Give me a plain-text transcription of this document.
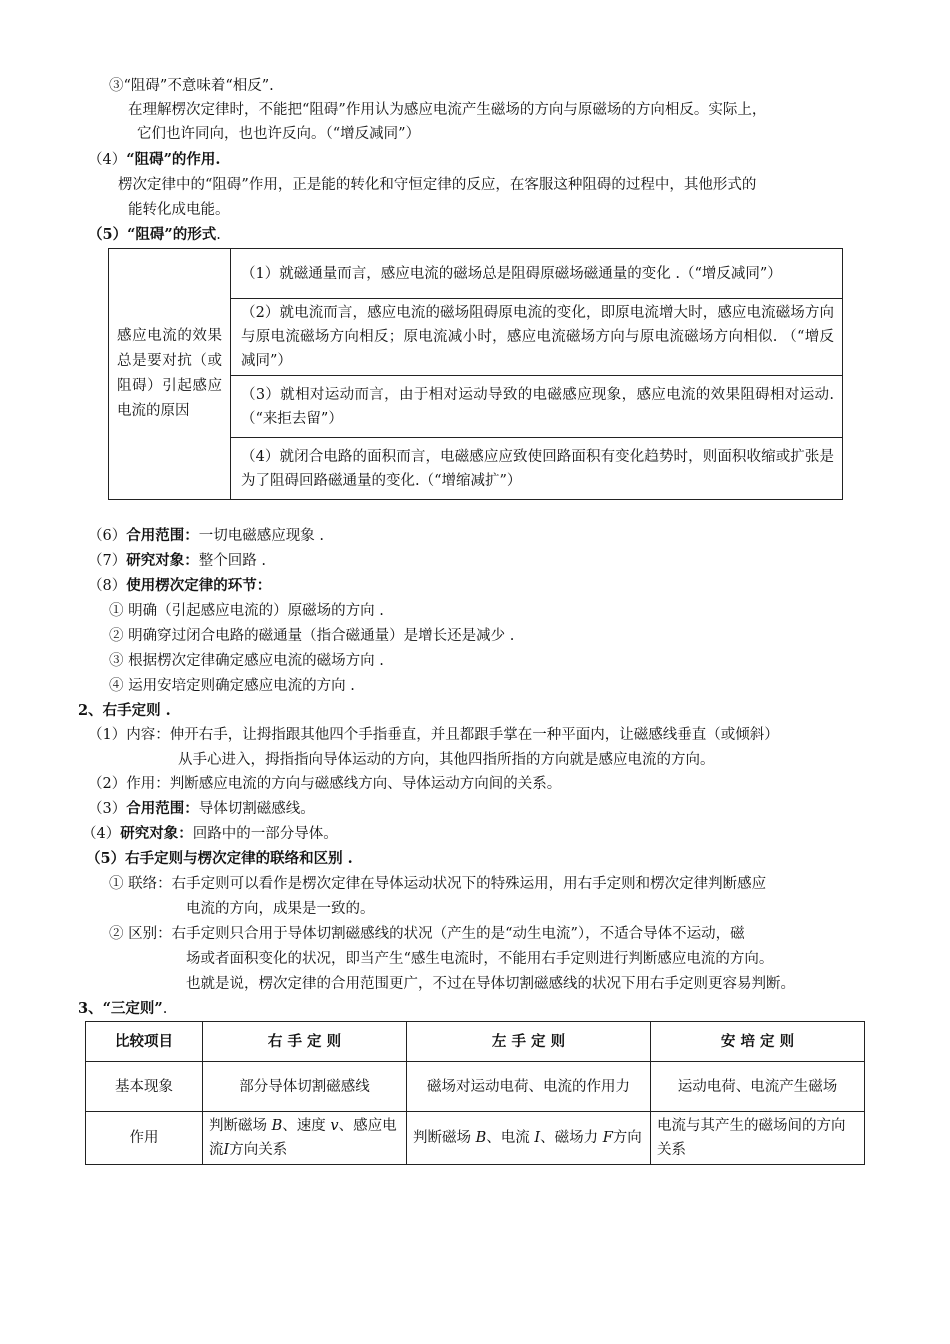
③“阻碍”不意味着“相反”.
在理解楞次定律时，不能把“阻碍”作用认为感应电流产生磁场的方向与原磁场的方向相反。实际上，
它们也许同向，也也许反向。（“增反减同”）
（4）“阻碍”的作用.
楞次定律中的“阻碍”作用，正是能的转化和守恒定律的反应，在客服这种阻碍的过程中，其他形式的
能转化成电能。
（5）“阻碍”的形式.
感应电流的效果总是要对抗（或阻碍）引起感应电流的原因	（1）就磁通量而言，感应电流的磁场总是阻碍原磁场磁通量的变化 .（“增反减同”）
（2）就电流而言，感应电流的磁场阻碍原电流的变化，即原电流增大时，感应电流磁场方向与原电流磁场方向相反；原电流减小时，感应电流磁场方向与原电流磁场方向相似. （“增反减同”）
（3）就相对运动而言，由于相对运动导致的电磁感应现象，感应电流的效果阻碍相对运动.（“来拒去留”）
（4）就闭合电路的面积而言，电磁感应应致使回路面积有变化趋势时，则面积收缩或扩张是为了阻碍回路磁通量的变化.（“增缩减扩”）
（6）合用范围：一切电磁感应现象 .
（7）研究对象：整个回路 .
（8）使用楞次定律的环节：
① 明确（引起感应电流的）原磁场的方向 .
② 明确穿过闭合电路的磁通量（指合磁通量）是增长还是减少 .
③ 根据楞次定律确定感应电流的磁场方向 .
④ 运用安培定则确定感应电流的方向 .
2、右手定则 .
（1）内容：伸开右手，让拇指跟其他四个手指垂直，并且都跟手掌在一种平面内，让磁感线垂直（或倾斜）
从手心进入，拇指指向导体运动的方向，其他四指所指的方向就是感应电流的方向。
（2）作用：判断感应电流的方向与磁感线方向、导体运动方向间的关系。
（3）合用范围：导体切割磁感线。
（4）研究对象：回路中的一部分导体。
（5）右手定则与楞次定律的联络和区别 .
① 联络：右手定则可以看作是楞次定律在导体运动状况下的特殊运用，用右手定则和楞次定律判断感应
电流的方向，成果是一致的。
② 区别：右手定则只合用于导体切割磁感线的状况（产生的是“动生电流”），不适合导体不运动，磁
场或者面积变化的状况，即当产生“感生电流时，不能用右手定则进行判断感应电流的方向。
也就是说，楞次定律的合用范围更广，不过在导体切割磁感线的状况下用右手定则更容易判断。
3、“三定则”.
比较项目	右 手 定 则	左 手 定 则	安 培 定 则
基本现象	部分导体切割磁感线	磁场对运动电荷、电流的作用力	运动电荷、电流产生磁场
作用	判断磁场 B、速度 v、感应电流I方向关系	判断磁场 B、电流 I、磁场力 F方向	电流与其产生的磁场间的方向关系
